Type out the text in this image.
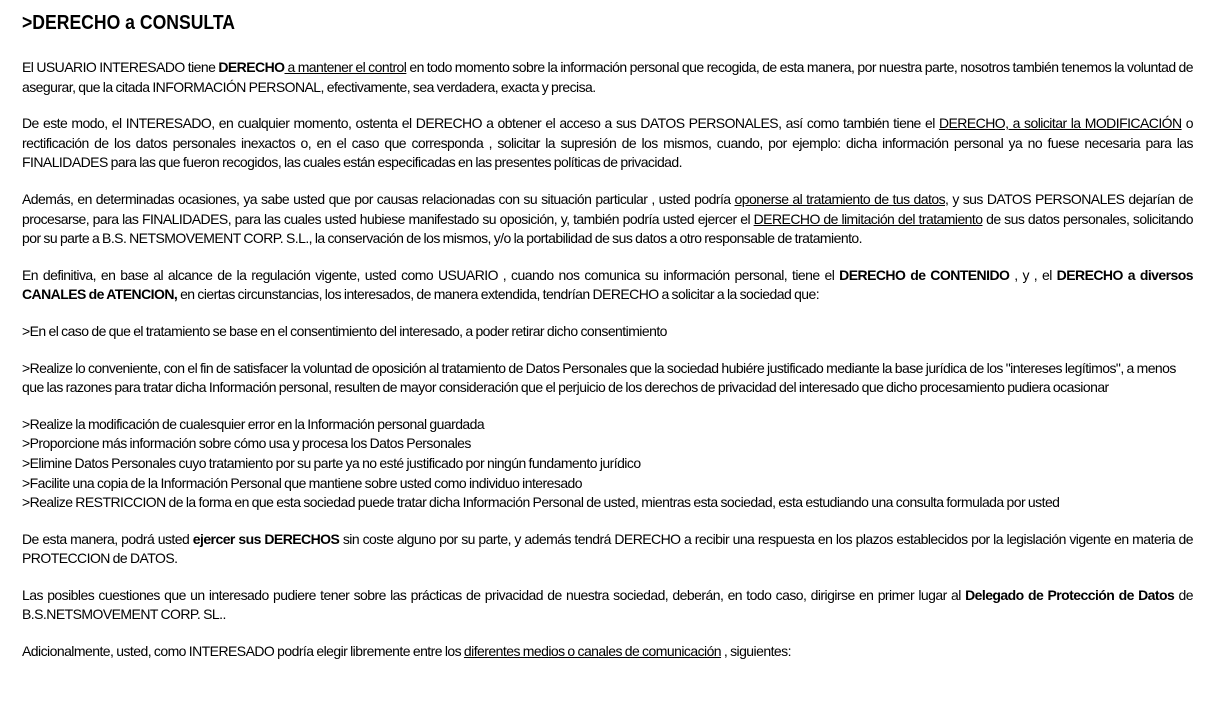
>DERECHO a CONSULTA

El USUARIO INTERESADO tiene DERECHO a mantener el control en todo momento sobre la información personal que recogida, de esta manera, por nuestra parte, nosotros también tenemos la voluntad de asegurar, que la citada INFORMACIÓN PERSONAL, efectivamente, sea verdadera, exacta y precisa.

De este modo, el INTERESADO, en cualquier momento, ostenta el DERECHO a obtener el acceso a sus DATOS PERSONALES, así como también tiene el DERECHO, a solicitar la MODIFICACIÓN o rectificación de los datos personales inexactos o, en el caso que corresponda , solicitar la supresión de los mismos, cuando, por ejemplo: dicha información personal ya no fuese necesaria para las FINALIDADES para las que fueron recogidos, las cuales están especificadas en las presentes políticas de privacidad.

Además, en determinadas ocasiones, ya sabe usted que por causas relacionadas con su situación particular , usted podría oponerse al tratamiento de tus datos, y sus DATOS PERSONALES dejarían de procesarse, para las FINALIDADES, para las cuales usted hubiese manifestado su oposición, y, también podría usted ejercer el DERECHO de limitación del tratamiento de sus datos personales, solicitando por su parte a B.S. NETSMOVEMENT CORP. S.L., la conservación de los mismos, y/o la portabilidad de sus datos a otro responsable de tratamiento.

En definitiva, en base al alcance de la regulación vigente, usted como USUARIO , cuando nos comunica su información personal, tiene el DERECHO de CONTENIDO , y , el DERECHO a diversos CANALES de ATENCION, en ciertas circunstancias, los interesados, de manera extendida, tendrían DERECHO a solicitar a la sociedad que:

>En el caso de que el tratamiento se base en el consentimiento del interesado, a poder retirar dicho consentimiento

>Realize lo conveniente, con el fin de satisfacer la voluntad de oposición al tratamiento de Datos Personales que la sociedad hubiére justificado mediante la base jurídica de los "intereses legítimos", a menos que las razones para tratar dicha Información personal, resulten de mayor consideración que el perjuicio de los derechos de privacidad del interesado que dicho procesamiento pudiera ocasionar

>Realize la modificación de cualesquier error en la Información personal guardada
>Proporcione más información sobre cómo usa y procesa los Datos Personales
>Elimine Datos Personales cuyo tratamiento por su parte ya no esté justificado por ningún fundamento jurídico
>Facilite una copia de la Información Personal que mantiene sobre usted como individuo interesado
>Realize RESTRICCION de la forma en que esta sociedad puede tratar dicha Información Personal de usted, mientras esta sociedad, esta estudiando una consulta formulada por usted

De esta manera, podrá usted ejercer sus DERECHOS sin coste alguno por su parte, y además tendrá DERECHO a recibir una respuesta en los plazos establecidos por la legislación vigente en materia de PROTECCION de DATOS.

Las posibles cuestiones que un interesado pudiere tener sobre las prácticas de privacidad de nuestra sociedad, deberán, en todo caso, dirigirse en primer lugar al Delegado de Protección de Datos de B.S.NETSMOVEMENT CORP. SL..

Adicionalmente, usted, como INTERESADO podría elegir libremente entre los diferentes medios o canales de comunicación , siguientes:
